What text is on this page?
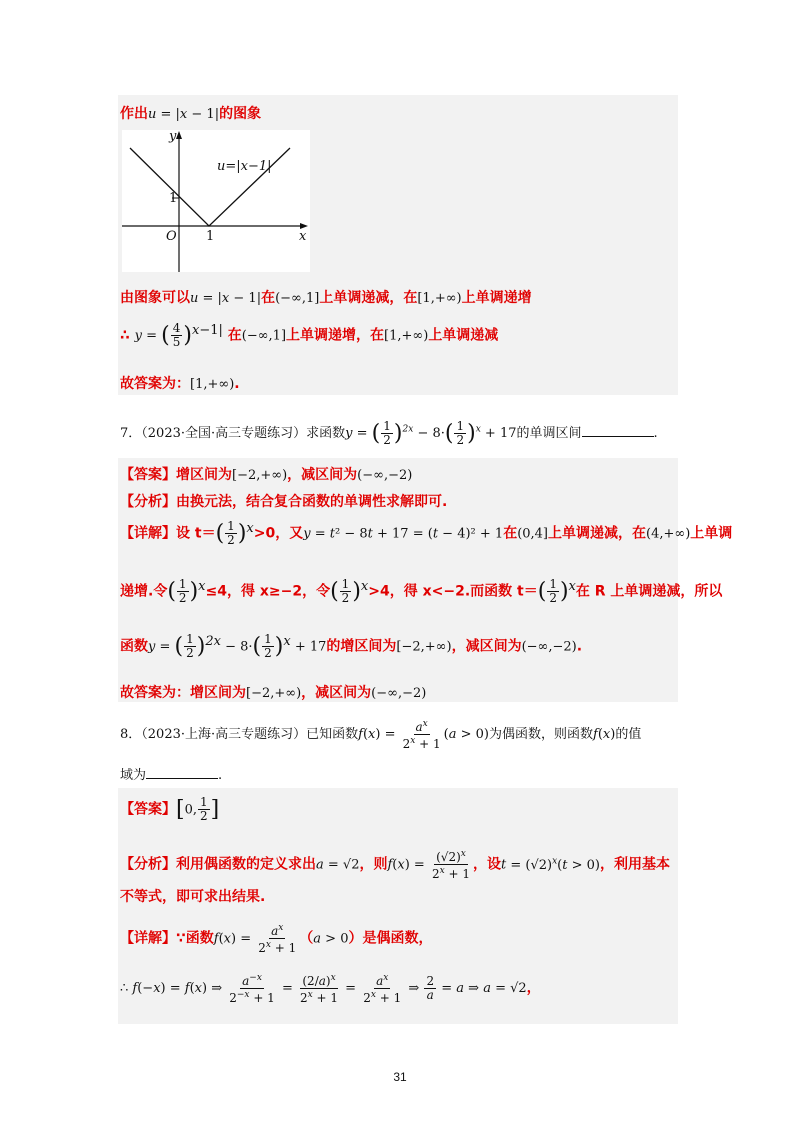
作出u = |x − 1|的图象
u=|x−1|
y
x
O
1
1
由图象可以u = |x − 1|在(−∞,1]上单调递减，在[1,+∞)上单调递增
∴ y = ( $\frac{4}{5} )^{x-1|}$ 在(−∞,1]上单调递增，在[1,+∞)上单调递减
故答案为：[1,+∞).
7．（2023·全国·高三专题练习）求函数y = ( $\frac{1}{2} )^{2x} - 8\cdot( \frac{1}{2} )^x + 17$的单调区间	.
【答案】增区间为[−2,+∞)，减区间为(−∞,−2)
【分析】由换元法，结合复合函数的单调性求解即可.
【详解】设 $t=( \frac{1}{2} )^x>0$，又y = t² − 8t + 17 = (t − 4)² + 1在(0,4]上单调递减，在(4,+∞)上单调
递增.令( $\frac{1}{2} )^x\le 4$，得 x≥−2，令( $\frac{1}{2} )^x>4$，得 x<−2.而函数 $t=( \frac{1}{2} )^x$在 R 上单调递减，所以
函数y = ( $\frac{1}{2} )^{2x} - 8\cdot( \frac{1}{2} )^x + 17$的增区间为[−2,+∞)，减区间为(−∞,−2).
故答案为：增区间为[−2,+∞)，减区间为(−∞,−2)
8．（2023·上海·高三专题练习）已知函数$f(x) = \frac{a^x}{2^x + 1} (a > 0)$为偶函数，则函数f(x)的值
域为	.
【答案】[0, $\frac{1}{2}$ ]
【分析】利用偶函数的定义求出a = √2，则$f(x) = \frac{(√2)^x}{2^x + 1}$ ，设$t = (√2)^x(t > 0)$，利用基本
不等式，即可求出结果.
【详解】∵函数$f(x) = \frac{a^x}{2^x + 1} (a > 0)$是偶函数，
∴ f(−x) = f(x) ⇒ $\frac{a^{-x}}{2^{-x} + 1} = \frac{(2/a)^x}{2^x + 1} = \frac{a^x}{2^x + 1}$ ⇒ $\frac{2}{a} = a$ ⇒ a = √2，
31
